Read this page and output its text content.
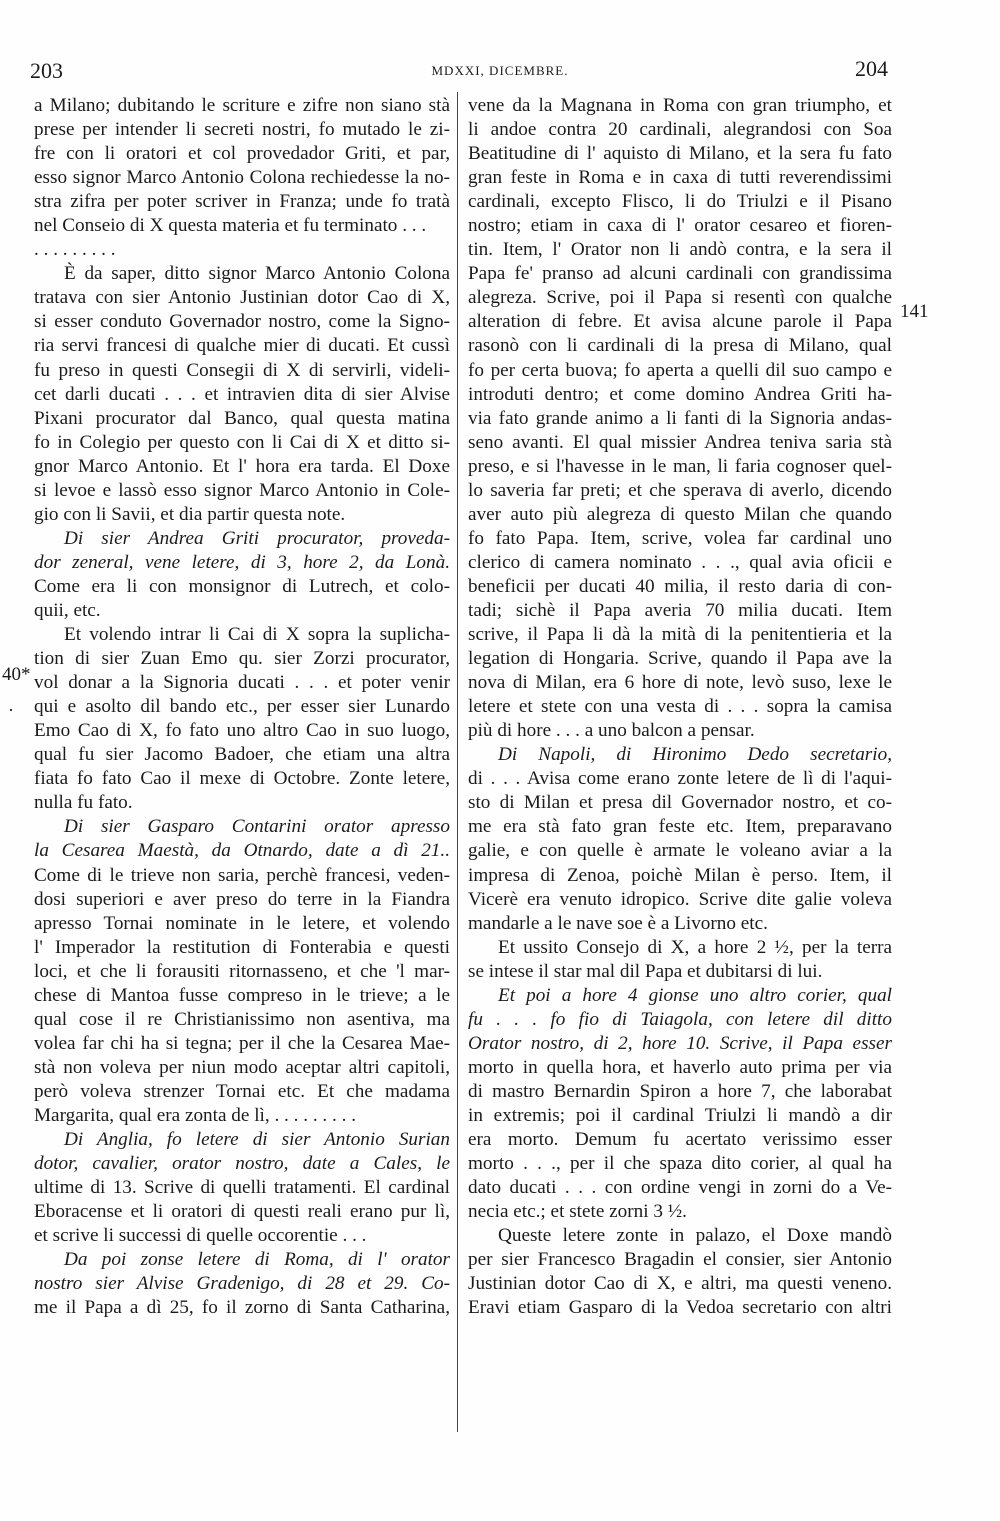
203	MDXXI, DICEMBRE.	204
40*
·
141
a Milano; dubitando le scriture e zifre non siano stà
prese per intender li secreti nostri, fo mutado le zi-
fre con li oratori et col provedador Griti, et par,
esso signor Marco Antonio Colona rechiedesse la no-
stra zifra per poter scriver in Franza; unde fo tratà
nel Conseio di X questa materia et fu terminato . . .
. . . . . . . . .
È da saper, ditto signor Marco Antonio Colona
tratava con sier Antonio Justinian dotor Cao di X,
si esser conduto Governador nostro, come la Signo-
ria servi francesi di qualche mier di ducati. Et cussì
fu preso in questi Consegii di X di servirli, videli-
cet darli ducati . . . et intravien dita di sier Alvise
Pixani procurator dal Banco, qual questa matina
fo in Colegio per questo con li Cai di X et ditto si-
gnor Marco Antonio. Et l' hora era tarda. El Doxe
si levoe e lassò esso signor Marco Antonio in Cole-
gio con li Savii, et dia partir questa note.
Di sier Andrea Griti procurator, proveda-
dor zeneral, vene letere, di 3, hore 2, da Lonà.
Come era li con monsignor di Lutrech, et colo-
quii, etc.
Et volendo intrar li Cai di X sopra la suplicha-
tion di sier Zuan Emo qu. sier Zorzi procurator,
vol donar a la Signoria ducati . . . et poter venir
qui e asolto dil bando etc., per esser sier Lunardo
Emo Cao di X, fo fato uno altro Cao in suo luogo,
qual fu sier Jacomo Badoer, che etiam una altra
fiata fo fato Cao il mexe di Octobre. Zonte letere,
nulla fu fato.
Di sier Gasparo Contarini orator apresso
la Cesarea Maestà, da Otnardo, date a dì 21..
Come di le trieve non saria, perchè francesi, veden-
dosi superiori e aver preso do terre in la Fiandra
apresso Tornai nominate in le letere, et volendo
l' Imperador la restitution di Fonterabia e questi
loci, et che li forausiti ritornasseno, et che 'l mar-
chese di Mantoa fusse compreso in le trieve; a le
qual cose il re Christianissimo non asentiva, ma
volea far chi ha si tegna; per il che la Cesarea Mae-
stà non voleva per niun modo aceptar altri capitoli,
però voleva strenzer Tornai etc. Et che madama
Margarita, qual era zonta de lì, . . . . . . . . .
Di Anglia, fo letere di sier Antonio Surian
dotor, cavalier, orator nostro, date a Cales, le
ultime di 13. Scrive di quelli tratamenti. El cardinal
Eboracense et li oratori di questi reali erano pur lì,
et scrive li successi di quelle occorentie . . .
Da poi zonse letere di Roma, di l' orator
nostro sier Alvise Gradenigo, di 28 et 29. Co-
me il Papa a dì 25, fo il zorno di Santa Catharina,
vene da la Magnana in Roma con gran triumpho, et
li andoe contra 20 cardinali, alegrandosi con Soa
Beatitudine di l' aquisto di Milano, et la sera fu fato
gran feste in Roma e in caxa di tutti reverendissimi
cardinali, excepto Flisco, li do Triulzi e il Pisano
nostro; etiam in caxa di l' orator cesareo et fioren-
tin. Item, l' Orator non li andò contra, e la sera il
Papa fe' pranso ad alcuni cardinali con grandissima
alegreza. Scrive, poi il Papa si resentì con qualche
alteration di febre. Et avisa alcune parole il Papa
rasonò con li cardinali di la presa di Milano, qual
fo per certa buova; fo aperta a quelli dil suo campo e
introduti dentro; et come domino Andrea Griti ha-
via fato grande animo a li fanti di la Signoria andas-
seno avanti. El qual missier Andrea teniva saria stà
preso, e si l'havesse in le man, li faria cognoser quel-
lo saveria far preti; et che sperava di averlo, dicendo
aver auto più alegreza di questo Milan che quando
fo fato Papa. Item, scrive, volea far cardinal uno
clerico di camera nominato . . ., qual avia oficii e
beneficii per ducati 40 milia, il resto daria di con-
tadi; sichè il Papa averia 70 milia ducati. Item
scrive, il Papa li dà la mità di la penitentieria et la
legation di Hongaria. Scrive, quando il Papa ave la
nova di Milan, era 6 hore di note, levò suso, lexe le
letere et stete con una vesta di . . . sopra la camisa
più di hore . . . a uno balcon a pensar.
Di Napoli, di Hironimo Dedo secretario,
di . . . Avisa come erano zonte letere de lì di l'aqui-
sto di Milan et presa dil Governador nostro, et co-
me era stà fato gran feste etc. Item, preparavano
galie, e con quelle è armate le voleano aviar a la
impresa di Zenoa, poichè Milan è perso. Item, il
Vicerè era venuto idropico. Scrive dite galie voleva
mandarle a le nave soe è a Livorno etc.
Et ussito Consejo di X, a hore 2 ½, per la terra
se intese il star mal dil Papa et dubitarsi di lui.
Et poi a hore 4 gionse uno altro corier, qual
fu . . . fo fio di Taiagola, con letere dil ditto
Orator nostro, di 2, hore 10. Scrive, il Papa esser
morto in quella hora, et haverlo auto prima per via
di mastro Bernardin Spiron a hore 7, che laborabat
in extremis; poi il cardinal Triulzi li mandò a dir
era morto. Demum fu acertato verissimo esser
morto . . ., per il che spaza dito corier, al qual ha
dato ducati . . . con ordine vengi in zorni do a Ve-
necia etc.; et stete zorni 3 ½.
Queste letere zonte in palazo, el Doxe mandò
per sier Francesco Bragadin el consier, sier Antonio
Justinian dotor Cao di X, e altri, ma questi veneno.
Eravi etiam Gasparo di la Vedoa secretario con altri
